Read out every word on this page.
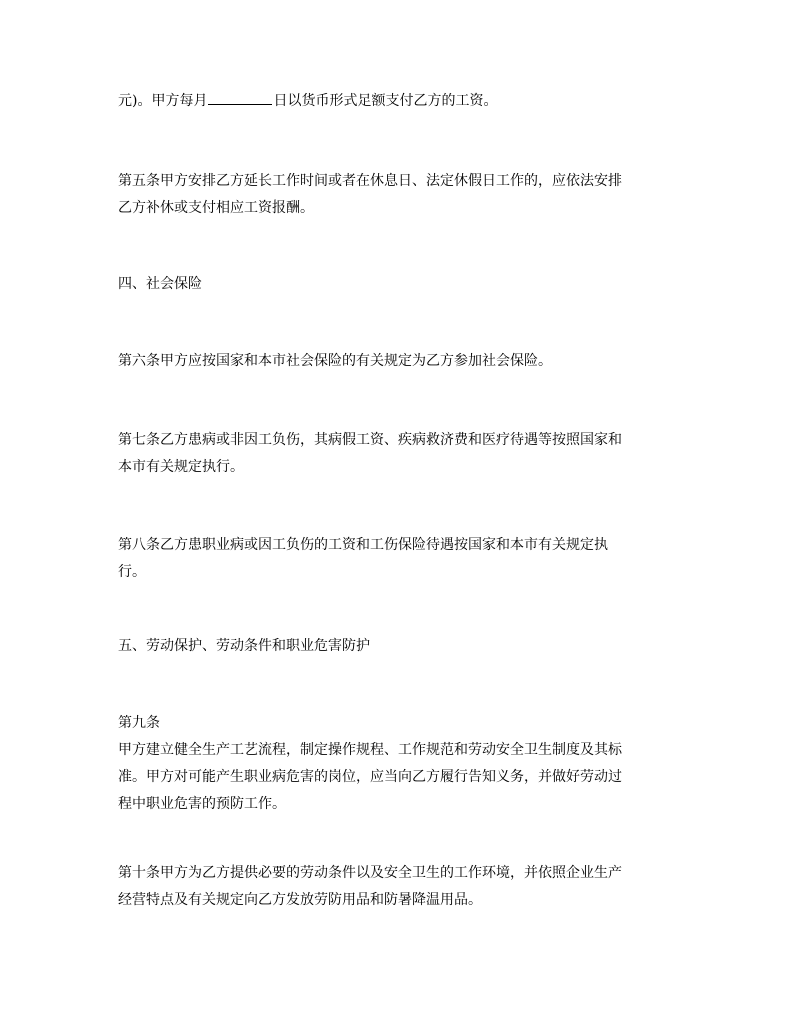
元)。甲方每月	日以货币形式足额支付乙方的工资。

第五条甲方安排乙方延长工作时间或者在休息日、法定休假日工作的，应依法安排
乙方补休或支付相应工资报酬。

四、社会保险

第六条甲方应按国家和本市社会保险的有关规定为乙方参加社会保险。

第七条乙方患病或非因工负伤，其病假工资、疾病救济费和医疗待遇等按照国家和
本市有关规定执行。

第八条乙方患职业病或因工负伤的工资和工伤保险待遇按国家和本市有关规定执
行。

五、劳动保护、劳动条件和职业危害防护

第九条
甲方建立健全生产工艺流程，制定操作规程、工作规范和劳动安全卫生制度及其标
准。甲方对可能产生职业病危害的岗位，应当向乙方履行告知义务，并做好劳动过
程中职业危害的预防工作。

第十条甲方为乙方提供必要的劳动条件以及安全卫生的工作环境，并依照企业生产
经营特点及有关规定向乙方发放劳防用品和防暑降温用品。
